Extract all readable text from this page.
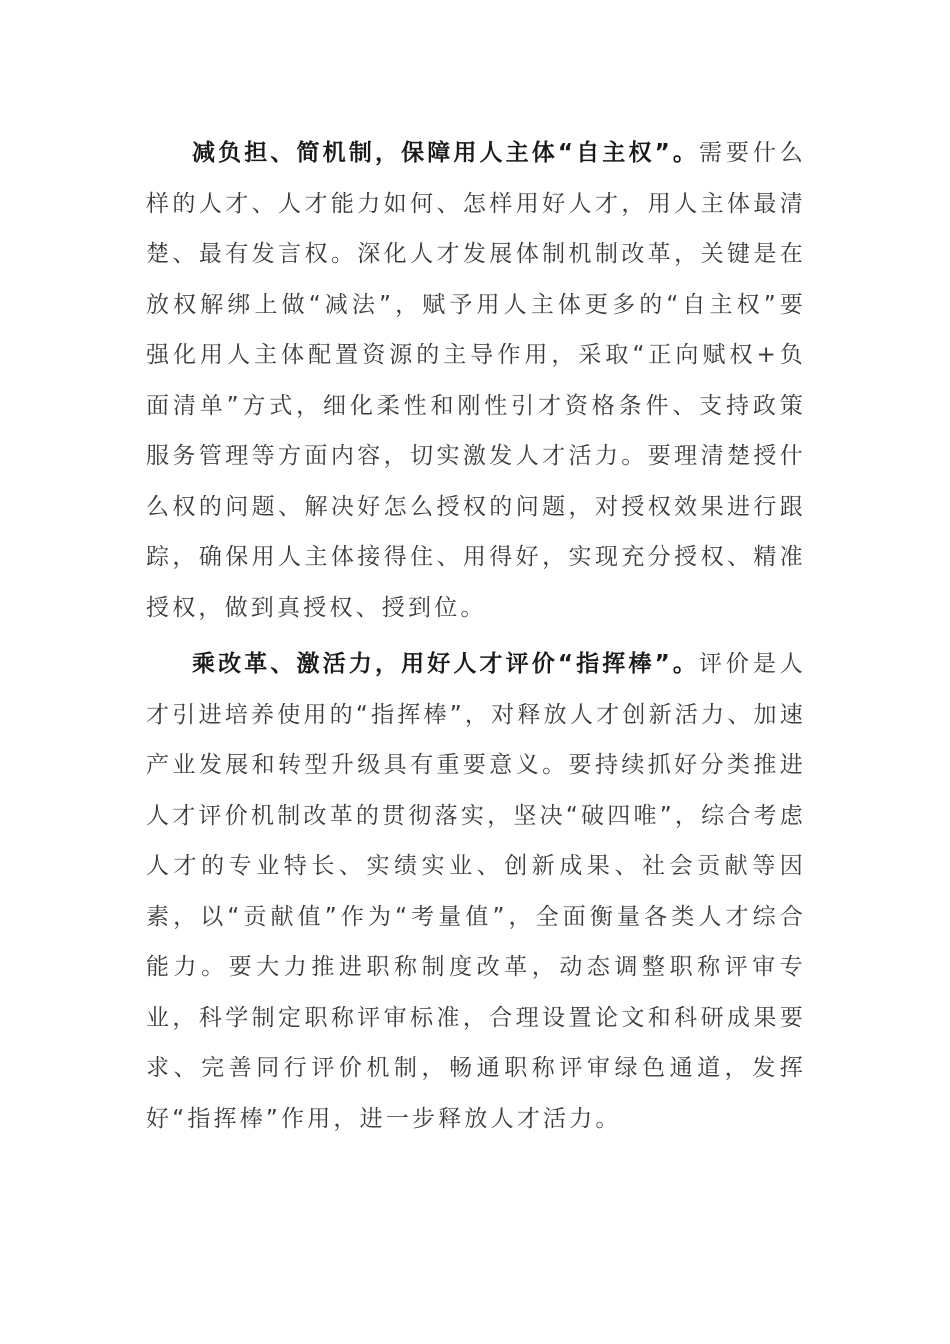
减负担、简机制，保障用人主体“自主权”。需要什么样的人才、人才能力如何、怎样用好人才，用人主体最清楚、最有发言权。深化人才发展体制机制改革，关键是在放权解绑上做“减法”，赋予用人主体更多的“自主权”要强化用人主体配置资源的主导作用，采取“正向赋权+负面清单”方式，细化柔性和刚性引才资格条件、支持政策服务管理等方面内容，切实激发人才活力。要理清楚授什么权的问题、解决好怎么授权的问题，对授权效果进行跟踪，确保用人主体接得住、用得好，实现充分授权、精准授权，做到真授权、授到位。

乘改革、激活力，用好人才评价“指挥棒”。评价是人才引进培养使用的“指挥棒”，对释放人才创新活力、加速产业发展和转型升级具有重要意义。要持续抓好分类推进人才评价机制改革的贯彻落实，坚决“破四唯”，综合考虑人才的专业特长、实绩实业、创新成果、社会贡献等因素，以“贡献值”作为“考量值”，全面衡量各类人才综合能力。要大力推进职称制度改革，动态调整职称评审专业，科学制定职称评审标准，合理设置论文和科研成果要求、完善同行评价机制，畅通职称评审绿色通道，发挥好“指挥棒”作用，进一步释放人才活力。
